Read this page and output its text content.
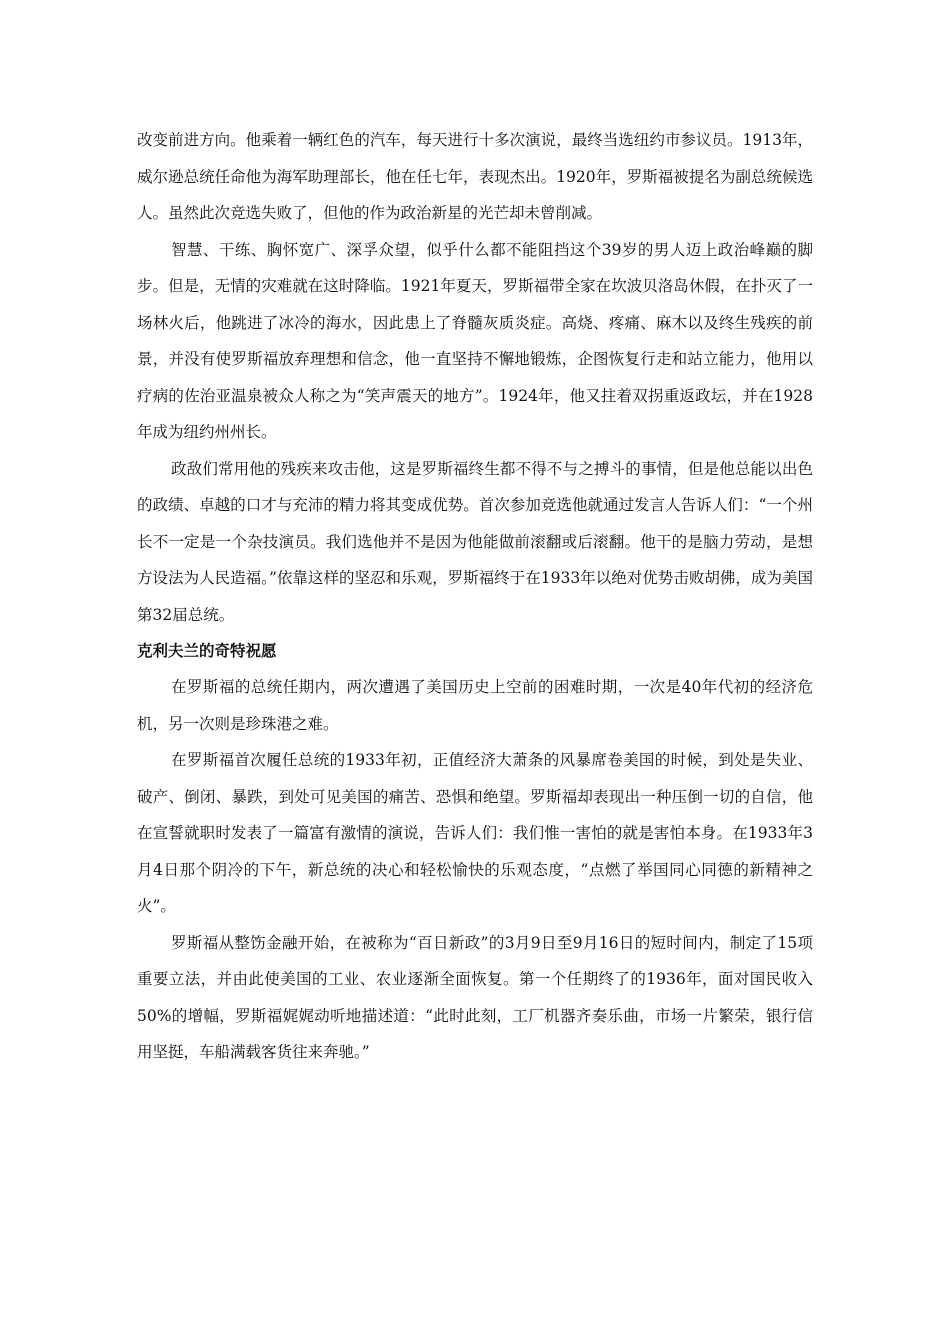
改变前进方向。他乘着一辆红色的汽车，每天进行十多次演说，最终当选纽约市参议员。1913年，威尔逊总统任命他为海军助理部长，他在任七年，表现杰出。1920年，罗斯福被提名为副总统候选人。虽然此次竞选失败了，但他的作为政治新星的光芒却未曾削减。

智慧、干练、胸怀宽广、深孚众望，似乎什么都不能阻挡这个39岁的男人迈上政治峰巅的脚步。但是，无情的灾难就在这时降临。1921年夏天，罗斯福带全家在坎波贝洛岛休假，在扑灭了一场林火后，他跳进了冰冷的海水，因此患上了脊髓灰质炎症。高烧、疼痛、麻木以及终生残疾的前景，并没有使罗斯福放弃理想和信念，他一直坚持不懈地锻炼，企图恢复行走和站立能力，他用以疗病的佐治亚温泉被众人称之为“笑声震天的地方”。1924年，他又拄着双拐重返政坛，并在1928年成为纽约州州长。

政敌们常用他的残疾来攻击他，这是罗斯福终生都不得不与之搏斗的事情，但是他总能以出色的政绩、卓越的口才与充沛的精力将其变成优势。首次参加竞选他就通过发言人告诉人们：“一个州长不一定是一个杂技演员。我们选他并不是因为他能做前滚翻或后滚翻。他干的是脑力劳动，是想方设法为人民造福。”依靠这样的坚忍和乐观，罗斯福终于在1933年以绝对优势击败胡佛，成为美国第32届总统。

克利夫兰的奇特祝愿

在罗斯福的总统任期内，两次遭遇了美国历史上空前的困难时期，一次是40年代初的经济危机，另一次则是珍珠港之难。

在罗斯福首次履任总统的1933年初，正值经济大萧条的风暴席卷美国的时候，到处是失业、破产、倒闭、暴跌，到处可见美国的痛苦、恐惧和绝望。罗斯福却表现出一种压倒一切的自信，他在宣誓就职时发表了一篇富有激情的演说，告诉人们：我们惟一害怕的就是害怕本身。在1933年3月4日那个阴冷的下午，新总统的决心和轻松愉快的乐观态度，“点燃了举国同心同德的新精神之火”。

罗斯福从整饬金融开始，在被称为“百日新政”的3月9日至9月16日的短时间内，制定了15项重要立法，并由此使美国的工业、农业逐渐全面恢复。第一个任期终了的1936年，面对国民收入50%的增幅，罗斯福娓娓动听地描述道：“此时此刻，工厂机器齐奏乐曲，市场一片繁荣，银行信用坚挺，车船满载客货往来奔驰。”
